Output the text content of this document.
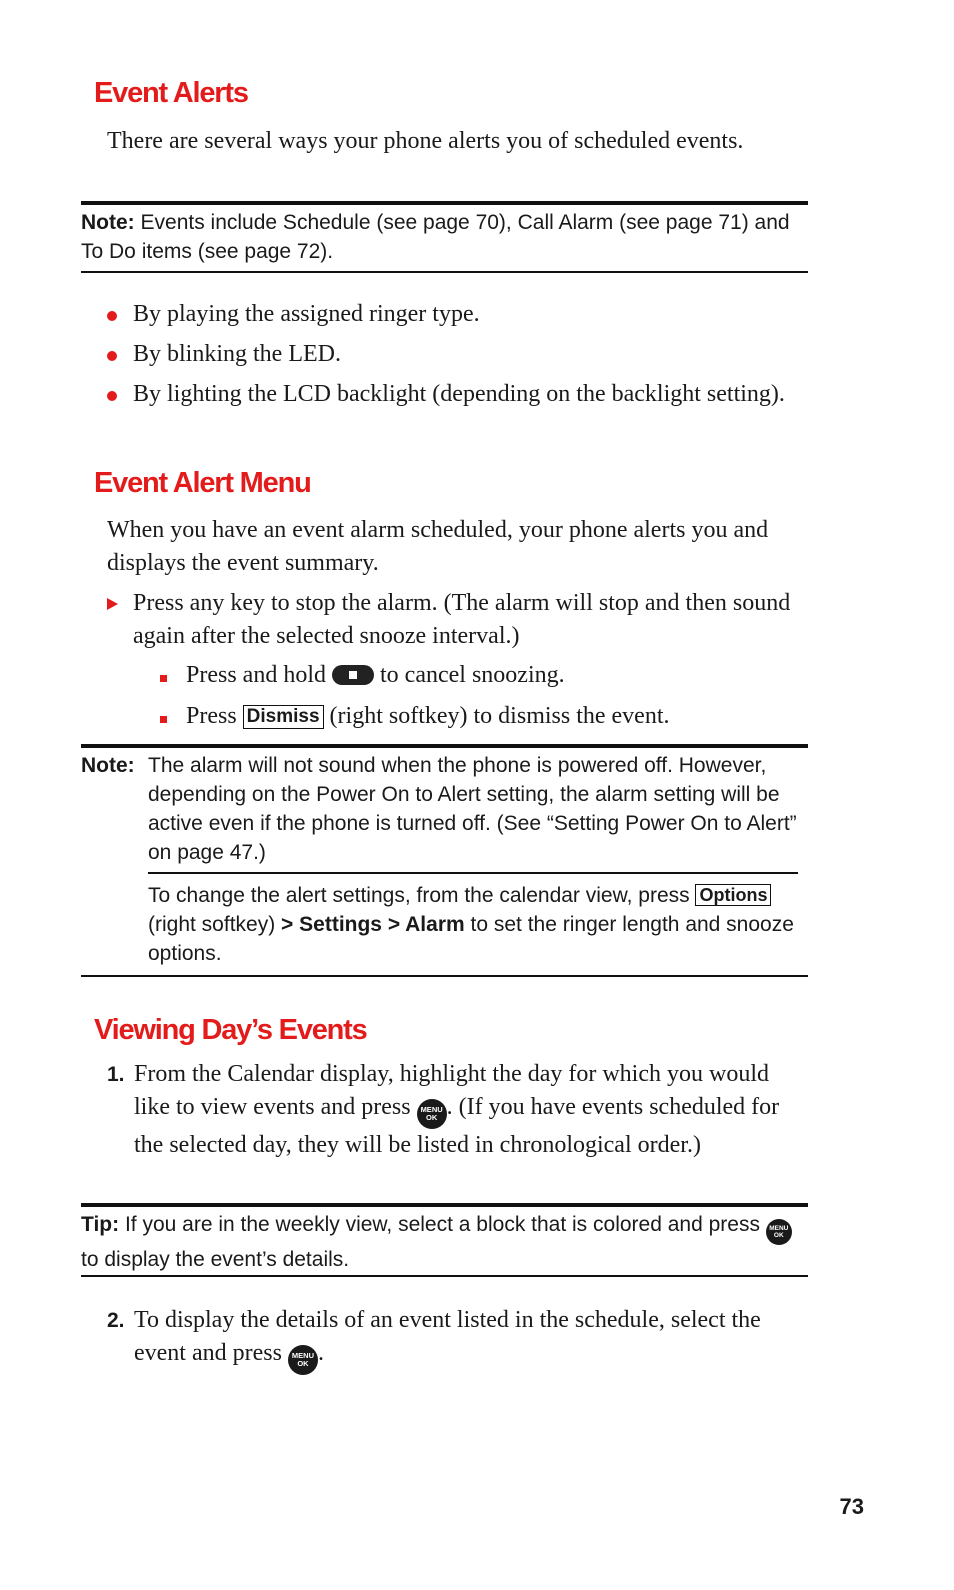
Event Alerts

There are several ways your phone alerts you of scheduled events.

Note: Events include Schedule (see page 70), Call Alarm (see page 71) and To Do items (see page 72).

By playing the assigned ringer type.
By blinking the LED.
By lighting the LCD backlight (depending on the backlight setting).
Event Alert Menu

When you have an event alarm scheduled, your phone alerts you and displays the event summary.

Press any key to stop the alarm. (The alarm will stop and then sound again after the selected snooze interval.)
Press and hold to cancel snoozing.
Press Dismiss (right softkey) to dismiss the event.
Note: The alarm will not sound when the phone is powered off. However, depending on the Power On to Alert setting, the alarm setting will be active even if the phone is turned off. (See “Setting Power On to Alert” on page 47.)

To change the alert settings, from the calendar view, press Options (right softkey) > Settings > Alarm to set the ringer length and snooze options.

Viewing Day’s Events
1. From the Calendar display, highlight the day for which you would like to view events and press MENU
OK . (If you have events scheduled for the selected day, they will be listed in chronological order.)

Tip: If you are in the weekly view, select a block that is colored and press MENU
OK to display the event’s details.

2. To display the details of an event listed in the schedule, select the event and press MENU
OK .
73
